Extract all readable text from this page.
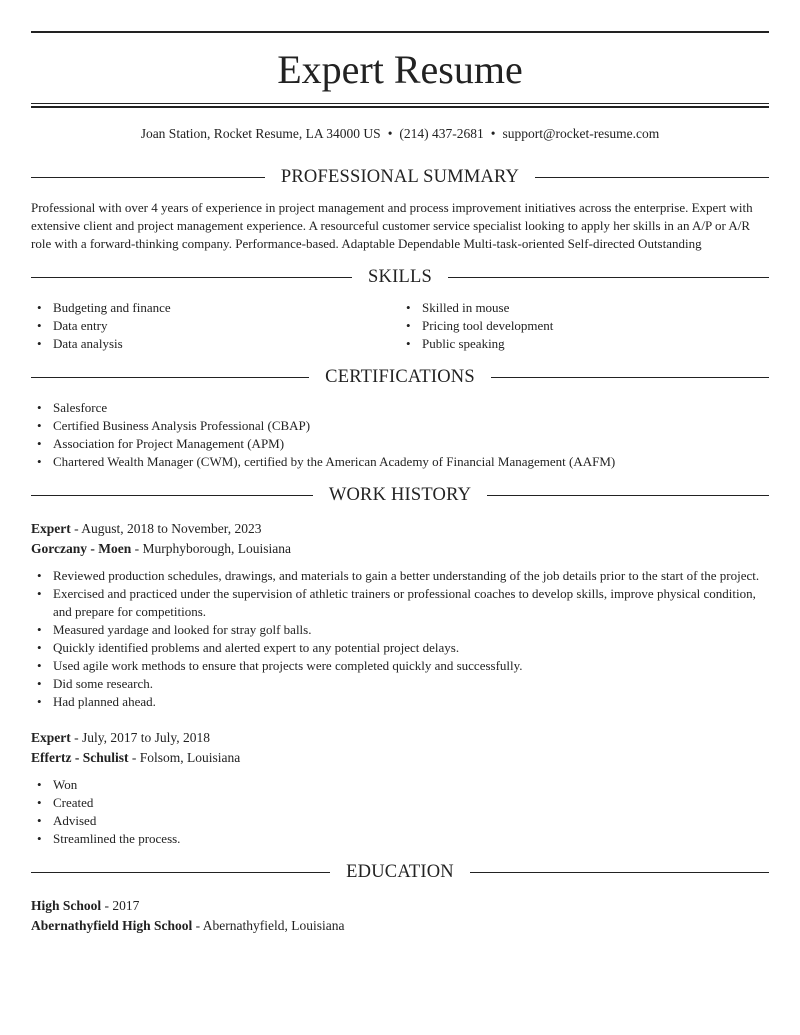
Expert Resume
Joan Station, Rocket Resume, LA 34000 US • (214) 437-2681 • support@rocket-resume.com
PROFESSIONAL SUMMARY

Professional with over 4 years of experience in project management and process improvement initiatives across the enterprise. Expert with extensive client and project management experience. A resourceful customer service specialist looking to apply her skills in an A/P or A/R role with a forward-thinking company. Performance-based. Adaptable Dependable Multi-task-oriented Self-directed Outstanding

SKILLS
• Budgeting and finance
• Data entry
• Data analysis
• Skilled in mouse
• Pricing tool development
• Public speaking
CERTIFICATIONS
• Salesforce
• Certified Business Analysis Professional (CBAP)
• Association for Project Management (APM)
• Chartered Wealth Manager (CWM), certified by the American Academy of Financial Management (AAFM)
WORK HISTORY
Expert - August, 2018 to November, 2023
Gorczany - Moen - Murphyborough, Louisiana
• Reviewed production schedules, drawings, and materials to gain a better understanding of the job details prior to the start of the project.
• Exercised and practiced under the supervision of athletic trainers or professional coaches to develop skills, improve physical condition, and prepare for competitions.
• Measured yardage and looked for stray golf balls.
• Quickly identified problems and alerted expert to any potential project delays.
• Used agile work methods to ensure that projects were completed quickly and successfully.
• Did some research.
• Had planned ahead.
Expert - July, 2017 to July, 2018
Effertz - Schulist - Folsom, Louisiana
• Won
• Created
• Advised
• Streamlined the process.
EDUCATION
High School - 2017
Abernathyfield High School - Abernathyfield, Louisiana
